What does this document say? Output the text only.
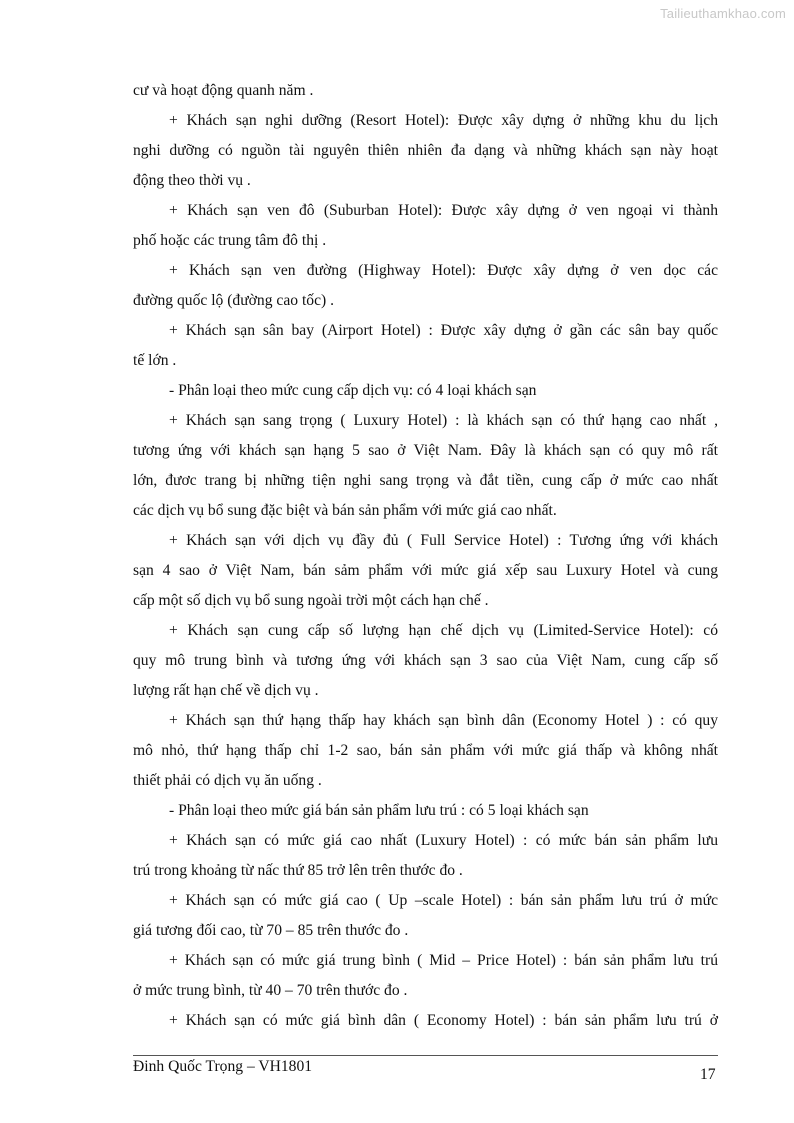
Tailieuthamkhao.com
cư và hoạt động quanh năm .
+ Khách sạn nghi dưỡng (Resort Hotel): Được xây dựng ở những khu du lịch
nghi dưỡng có nguồn tài nguyên thiên nhiên đa dạng và những khách sạn này hoạt
động theo thời vụ .
+ Khách sạn ven đô (Suburban Hotel): Được xây dựng ở ven ngoại vi thành
phố hoặc các trung tâm đô thị .
+ Khách sạn ven đường (Highway Hotel): Được xây dựng ở ven dọc các
đường quốc lộ (đường cao tốc) .
+ Khách sạn sân bay (Airport Hotel) : Được xây dựng ở gần các sân bay quốc
tế lớn .
- Phân loại theo mức cung cấp dịch vụ: có 4 loại khách sạn
+ Khách sạn sang trọng ( Luxury Hotel) : là khách sạn có thứ hạng cao nhất ,
tương ứng với khách sạn hạng 5 sao ở Việt Nam. Đây là khách sạn có quy mô rất
lớn, đươc trang bị những tiện nghi sang trọng và đắt tiền, cung cấp ở mức cao nhất
các dịch vụ bổ sung đặc biệt và bán sản phẩm với mức giá cao nhất.
+ Khách sạn với dịch vụ đầy đủ ( Full Service Hotel) : Tương ứng với khách
sạn 4 sao ở Việt Nam, bán sảm phẩm với mức giá xếp sau Luxury Hotel và cung
cấp một số dịch vụ bổ sung ngoài trời một cách hạn chế .
+ Khách sạn cung cấp số lượng hạn chế dịch vụ (Limited-Service Hotel): có
quy mô trung bình và tương ứng với khách sạn 3 sao của Việt Nam, cung cấp số
lượng rất hạn chế về dịch vụ .
+ Khách sạn thứ hạng thấp hay khách sạn bình dân (Economy Hotel ) : có quy
mô nhỏ, thứ hạng thấp chỉ 1-2 sao, bán sản phẩm với mức giá thấp và không nhất
thiết phải có dịch vụ ăn uống .
- Phân loại theo mức giá bán sản phẩm lưu trú : có 5 loại khách sạn
+ Khách sạn có mức giá cao nhất (Luxury Hotel) : có mức bán sản phẩm lưu
trú trong khoảng từ nấc thứ 85 trở lên trên thước đo .
+ Khách sạn có mức giá cao ( Up –scale Hotel) : bán sản phẩm lưu trú ở mức
giá tương đối cao, từ 70 – 85 trên thước đo .
+ Khách sạn có mức giá trung bình ( Mid – Price Hotel) : bán sản phẩm lưu trú
ở mức trung bình, từ 40 – 70 trên thước đo .
+ Khách sạn có mức giá bình dân ( Economy Hotel) : bán sản phẩm lưu trú ở
Đinh Quốc Trọng – VH1801	17
